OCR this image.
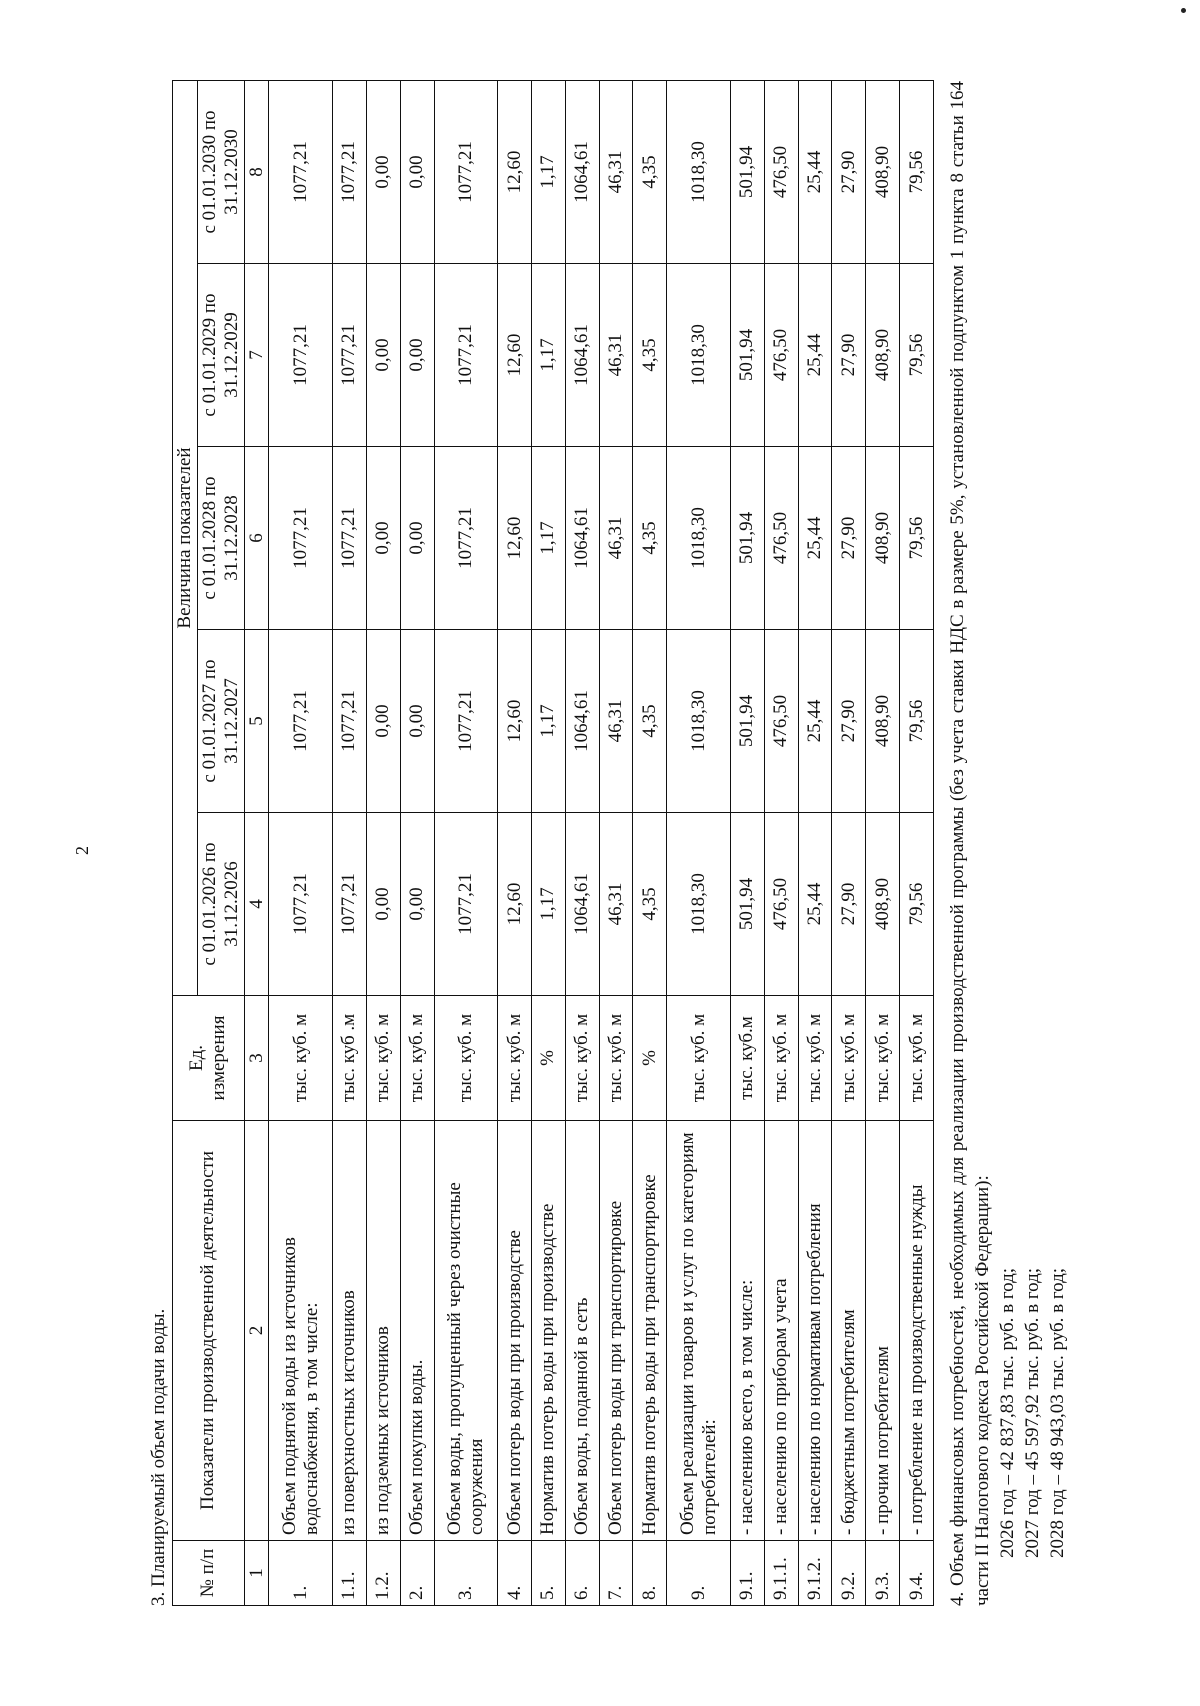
2
3. Планируемый объем подачи воды. № п/п	Показатели производственной деятельности	Ед. измерения	Величина показателей				
			с 01.01.2026 по 31.12.2026	с 01.01.2027 по 31.12.2027	с 01.01.2028 по 31.12.2028	с 01.01.2029 по 31.12.2029	с 01.01.2030 по 31.12.2030
1	2	3	4	5	6	7	8
1.	Объем поднятой воды из источников водоснабжения, в том числе:	тыс. куб. м	1077,21	1077,21	1077,21	1077,21	1077,21
1.1.	из поверхностных источников	тыс. куб .м	1077,21	1077,21	1077,21	1077,21	1077,21
1.2.	из подземных источников	тыс. куб. м	0,00	0,00	0,00	0,00	0,00
2.	Объем покупки воды.	тыс. куб. м	0,00	0,00	0,00	0,00	0,00
3.	Объем воды, пропущенный через очистные сооружения	тыс. куб. м	1077,21	1077,21	1077,21	1077,21	1077,21
4.	Объем потерь воды при производстве	тыс. куб. м	12,60	12,60	12,60	12,60	12,60
5.	Норматив потерь воды при производстве	%	1,17	1,17	1,17	1,17	1,17
6.	Объем воды, поданной в сеть	тыс. куб. м	1064,61	1064,61	1064,61	1064,61	1064,61
7.	Объем потерь воды при транспортировке	тыс. куб. м	46,31	46,31	46,31	46,31	46,31
8.	Норматив потерь воды при транспортировке	%	4,35	4,35	4,35	4,35	4,35
9.	Объем реализации товаров и услуг по категориям потребителей:	тыс. куб. м	1018,30	1018,30	1018,30	1018,30	1018,30
9.1.	- населению всего, в том числе:	тыс. куб.м	501,94	501,94	501,94	501,94	501,94
9.1.1.	- населению по приборам учета	тыс. куб. м	476,50	476,50	476,50	476,50	476,50
9.1.2.	- населению по нормативам потребления	тыс. куб. м	25,44	25,44	25,44	25,44	25,44
9.2.	- бюджетным потребителям	тыс. куб. м	27,90	27,90	27,90	27,90	27,90
9.3.	- прочим потребителям	тыс. куб. м	408,90	408,90	408,90	408,90	408,90
9.4.	- потребление на производственные нужды	тыс. куб. м	79,56	79,56	79,56	79,56	79,56 4. Объем финансовых потребностей, необходимых для реализации производственной программы (без учета ставки НДС в размере 5%, установленной подпунктом 1 пункта 8 статьи 164 части II Налогового кодекса Российской Федерации): 2026 год – 42 837,83 тыс. руб. в год; 2027 год – 45 597,92 тыс. руб. в год; 2028 год – 48 943,03 тыс. руб. в год;
